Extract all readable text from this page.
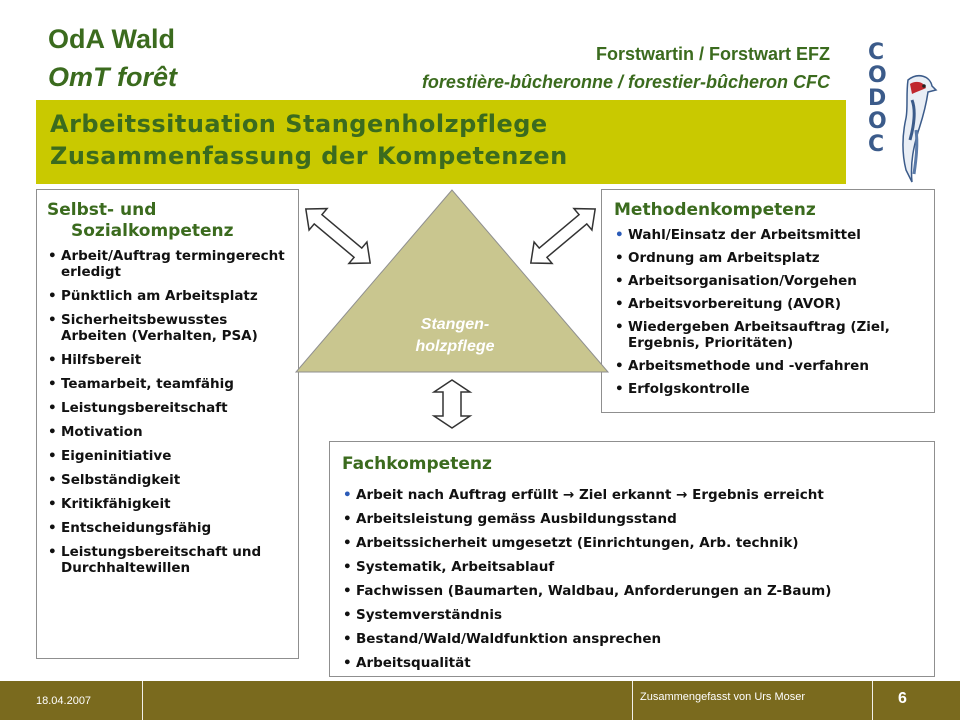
OdA Wald
OmT forêt
Forstwartin / Forstwart EFZ
forestière-bûcheronne / forestier-bûcheron CFC
Arbeitssituation Stangenholzpflege
Zusammenfassung der Kompetenzen
C
O
D
O
C
Selbst- und
Sozialkompetenz
• Arbeit/Auftrag termingerecht erledigt
• Pünktlich am Arbeitsplatz
• Sicherheitsbewusstes Arbeiten (Verhalten, PSA)
• Hilfsbereit
• Teamarbeit, teamfähig
• Leistungsbereitschaft
• Motivation
• Eigeninitiative
• Selbständigkeit
• Kritikfähigkeit
• Entscheidungsfähig
• Leistungsbereitschaft und Durchhaltewillen
Methodenkompetenz
• Wahl/Einsatz der Arbeitsmittel
• Ordnung am Arbeitsplatz
• Arbeitsorganisation/Vorgehen
• Arbeitsvorbereitung (AVOR)
• Wiedergeben Arbeitsauftrag (Ziel, Ergebnis, Prioritäten)
• Arbeitsmethode und -verfahren
• Erfolgskontrolle
Fachkompetenz
• Arbeit nach Auftrag erfüllt → Ziel erkannt → Ergebnis erreicht
• Arbeitsleistung gemäss Ausbildungsstand
• Arbeitssicherheit umgesetzt (Einrichtungen, Arb. technik)
• Systematik, Arbeitsablauf
• Fachwissen (Baumarten, Waldbau, Anforderungen an Z-Baum)
• Systemverständnis
• Bestand/Wald/Waldfunktion ansprechen
• Arbeitsqualität
Stangen-
holzpflege
18.04.2007	Zusammengefasst von Urs Moser	6
